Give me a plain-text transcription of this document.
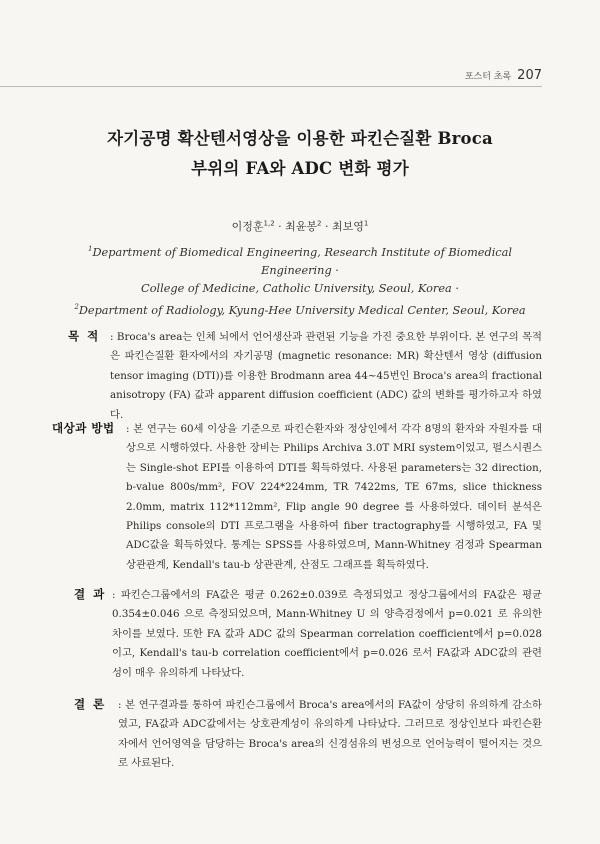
포스터 초록 207
자기공명 확산텐서영상을 이용한 파킨슨질환 Broca
부위의 FA와 ADC 변화 평가
이정훈$^{1,2}$ · 최윤봉$^2$ · 최보영$^1$
$^1$Department of Biomedical Engineering, Research Institute of Biomedical Engineering ·
College of Medicine, Catholic University, Seoul, Korea ·
$^2$Department of Radiology, Kyung-Hee University Medical Center, Seoul, Korea
목 적 : Broca's area는 인체 뇌에서 언어생산과 관련된 기능을 가진 중요한 부위이다. 본 연구의 목적은 파킨슨질환 환자에서의 자기공명 (magnetic resonance: MR) 확산텐서 영상 (diffusion tensor imaging (DTI))를 이용한 Brodmann area 44~45번인 Broca's area의 fractional anisotropy (FA) 값과 apparent diffusion coefficient (ADC) 값의 변화를 평가하고자 하였다.
대상과 방법 : 본 연구는 60세 이상을 기준으로 파킨슨환자와 정상인에서 각각 8명의 환자와 자원자를 대상으로 시행하였다. 사용한 장비는 Philips Archiva 3.0T MRI system이었고, 펄스시퀀스는 Single-shot EPI를 이용하여 DTI를 획득하였다. 사용된 parameters는 32 direction, b-value 800s/mm², FOV 224*224mm, TR 7422ms, TE 67ms, slice thickness 2.0mm, matrix 112*112mm², Flip angle 90 degree 를 사용하였다. 데이터 분석은 Philips console의 DTI 프로그램을 사용하여 fiber tractography를 시행하였고, FA 및 ADC값을 획득하였다. 통계는 SPSS를 사용하였으며, Mann-Whitney 검정과 Spearman 상관관계, Kendall's tau-b 상관관계, 산점도 그래프를 획득하였다.
결 과 : 파킨슨그룹에서의 FA값은 평균 0.262±0.039로 측정되었고 정상그룹에서의 FA값은 평균 0.354±0.046 으로 측정되었으며, Mann-Whitney U 의 양측검정에서 p=0.021 로 유의한 차이를 보였다. 또한 FA 값과 ADC 값의 Spearman correlation coefficient에서 p=0.028이고, Kendall's tau-b correlation coefficient에서 p=0.026 로서 FA값과 ADC값의 관련성이 매우 유의하게 나타났다.
결 론 : 본 연구결과를 통하여 파킨슨그룹에서 Broca's area에서의 FA값이 상당히 유의하게 감소하였고, FA값과 ADC값에서는 상호관계성이 유의하게 나타났다. 그러므로 정상인보다 파킨슨환자에서 언어영역을 담당하는 Broca's area의 신경섬유의 변성으로 언어능력이 떨어지는 것으로 사료된다.
